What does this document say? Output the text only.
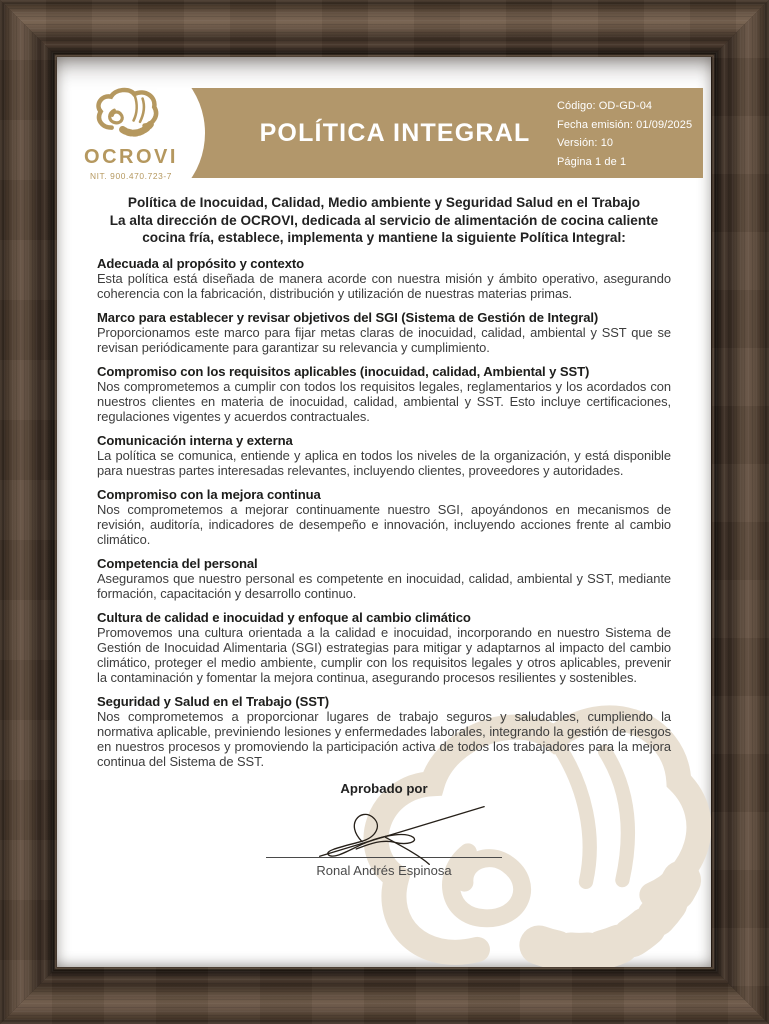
POLÍTICA INTEGRAL
Código: OD-GD-04
Fecha emisión: 01/09/2025
Versión: 10
Página 1 de 1
OCROVI
NIT. 900.470.723-7

Política de Inocuidad, Calidad, Medio ambiente y Seguridad Salud en el Trabajo

La alta dirección de OCROVI, dedicada al servicio de alimentación de cocina caliente cocina fría, establece, implementa y mantiene la siguiente Política Integral:

Adecuada al propósito y contexto

Esta política está diseñada de manera acorde con nuestra misión y ámbito operativo, asegurando coherencia con la fabricación, distribución y utilización de nuestras materias primas.

Marco para establecer y revisar objetivos del SGI (Sistema de Gestión de Integral)

Proporcionamos este marco para fijar metas claras de inocuidad, calidad, ambiental y SST que se revisan periódicamente para garantizar su relevancia y cumplimiento.

Compromiso con los requisitos aplicables (inocuidad, calidad, Ambiental y SST)

Nos comprometemos a cumplir con todos los requisitos legales, reglamentarios y los acordados con nuestros clientes en materia de inocuidad, calidad, ambiental y SST. Esto incluye certificaciones, regulaciones vigentes y acuerdos contractuales.

Comunicación interna y externa

La política se comunica, entiende y aplica en todos los niveles de la organización, y está disponible para nuestras partes interesadas relevantes, incluyendo clientes, proveedores y autoridades.

Compromiso con la mejora continua

Nos comprometemos a mejorar continuamente nuestro SGI, apoyándonos en mecanismos de revisión, auditoría, indicadores de desempeño e innovación, incluyendo acciones frente al cambio climático.

Competencia del personal

Aseguramos que nuestro personal es competente en inocuidad, calidad, ambiental y SST, mediante formación, capacitación y desarrollo continuo.

Cultura de calidad e inocuidad y enfoque al cambio climático

Promovemos una cultura orientada a la calidad e inocuidad, incorporando en nuestro Sistema de Gestión de Inocuidad Alimentaria (SGI) estrategias para mitigar y adaptarnos al impacto del cambio climático, proteger el medio ambiente, cumplir con los requisitos legales y otros aplicables, prevenir la contaminación y fomentar la mejora continua, asegurando procesos resilientes y sostenibles.

Seguridad y Salud en el Trabajo (SST)

Nos comprometemos a proporcionar lugares de trabajo seguros y saludables, cumpliendo la normativa aplicable, previniendo lesiones y enfermedades laborales, integrando la gestión de riesgos en nuestros procesos y promoviendo la participación activa de todos los trabajadores para la mejora continua del Sistema de SST.

Aprobado por
Ronal Andrés Espinosa
